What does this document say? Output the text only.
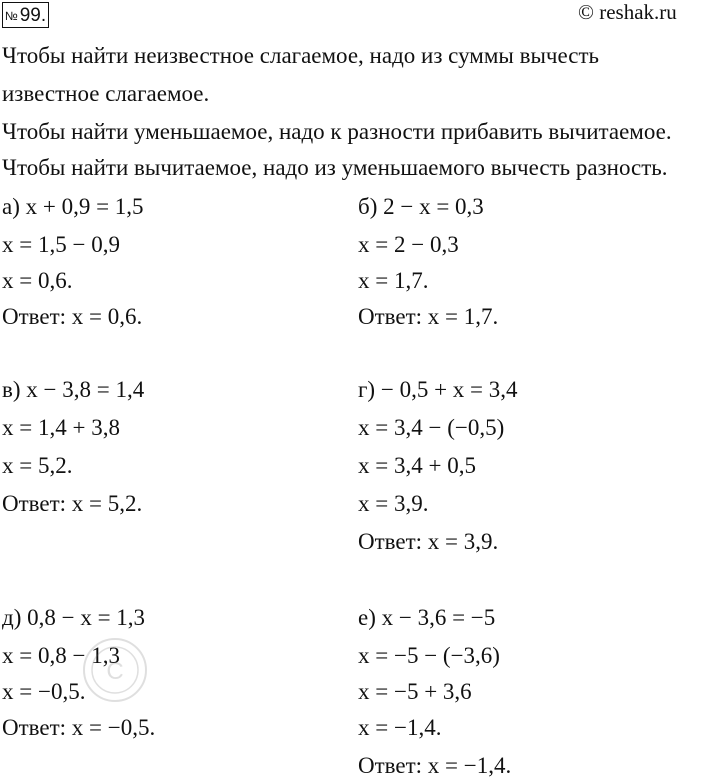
№ 99.	© reshak.ru
Чтобы найти неизвестное слагаемое, надо из суммы вычесть
известное слагаемое.
Чтобы найти уменьшаемое, надо к разности прибавить вычитаемое.
Чтобы найти вычитаемое, надо из уменьшаемого вычесть разность.
а) x + 0,9 = 1,5
x = 1,5 − 0,9
x = 0,6.
Ответ: x = 0,6.
б) 2 − x = 0,3
x = 2 − 0,3
x = 1,7.
Ответ: x = 1,7.
в) x − 3,8 = 1,4
x = 1,4 + 3,8
x = 5,2.
Ответ: x = 5,2.
г) − 0,5 + x = 3,4
x = 3,4 − (−0,5)
x = 3,4 + 0,5
x = 3,9.
Ответ: x = 3,9.
д) 0,8 − x = 1,3
x = 0,8 − 1,3
x = −0,5.
Ответ: x = −0,5.
е) x − 3,6 = −5
x = −5 − (−3,6)
x = −5 + 3,6
x = −1,4.
Ответ: x = −1,4.
C
